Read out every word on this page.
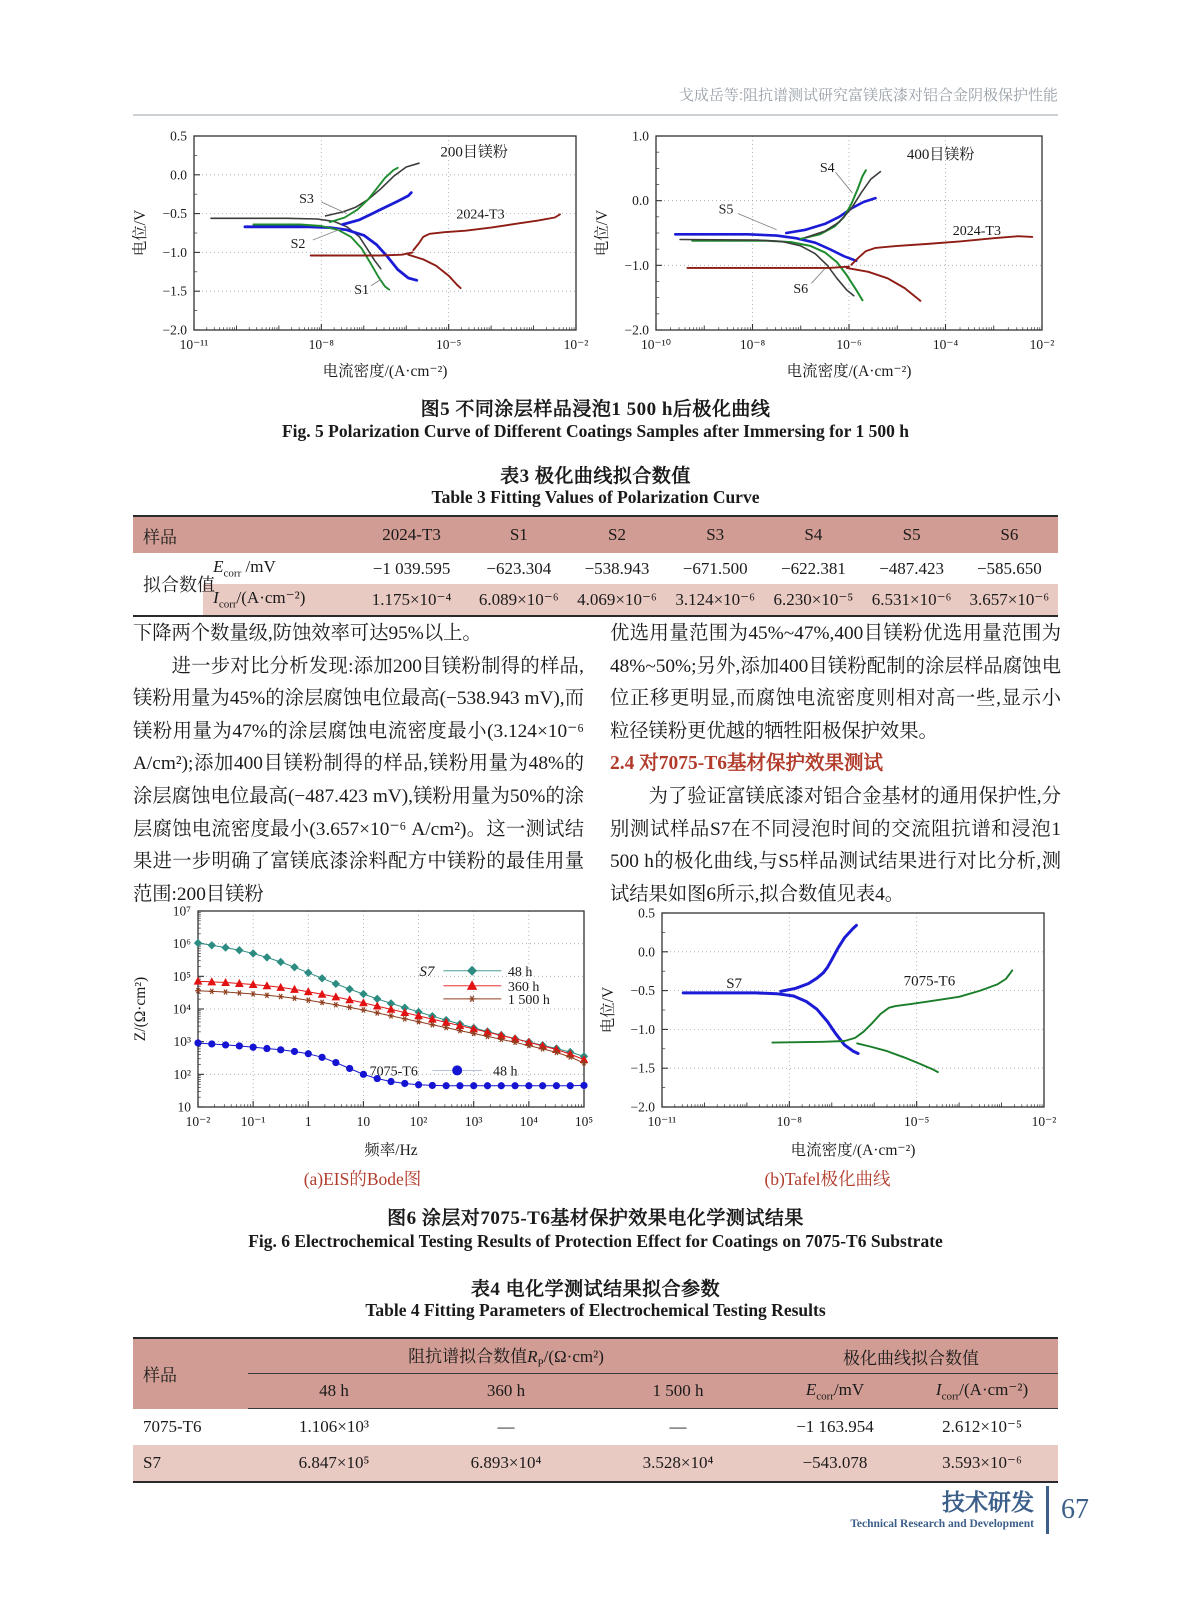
戈成岳等:阻抗谱测试研究富镁底漆对铝合金阴极保护性能
10⁻¹¹	10⁻⁸	10⁻⁵	10⁻²
0.5
0.0
−0.5
−1.0
−1.5
−2.0
200目镁粉
S3
S2
S1
2024-T3
电流密度/(A·cm⁻²)
电位/V
10⁻¹⁰	10⁻⁸	10⁻⁶	10⁻⁴	10⁻²
1.0
0.0
−1.0
−2.0
400目镁粉
S4
S5
S6
2024-T3
电流密度/(A·cm⁻²)
电位/V
图5 不同涂层样品浸泡1 500 h后极化曲线
Fig. 5 Polarization Curve of Different Coatings Samples after Immersing for 1 500 h
表3 极化曲线拟合数值
Table 3 Fitting Values of Polarization Curve
样品		2024-T3	S1	S2	S3	S4	S5	S6
拟合数值	$E_{corr}$ /mV	−1 039.595	−623.304	−538.943	−671.500	−622.381	−487.423	−585.650
	$I_{corr}/(A\cdot cm^{-2})$	1.175×10⁻⁴	6.089×10⁻⁶	4.069×10⁻⁶	3.124×10⁻⁶	6.230×10⁻⁵	6.531×10⁻⁶	3.657×10⁻⁶

下降两个数量级,防蚀效率可达95%以上。

进一步对比分析发现:添加200目镁粉制得的样品,镁粉用量为45%的涂层腐蚀电位最高(−538.943 mV),而镁粉用量为47%的涂层腐蚀电流密度最小(3.124×10⁻⁶ A/cm²);添加400目镁粉制得的样品,镁粉用量为48%的涂层腐蚀电位最高(−487.423 mV),镁粉用量为50%的涂层腐蚀电流密度最小(3.657×10⁻⁶ A/cm²)。这一测试结果进一步明确了富镁底漆涂料配方中镁粉的最佳用量范围:200目镁粉

优选用量范围为45%~47%,400目镁粉优选用量范围为48%~50%;另外,添加400目镁粉配制的涂层样品腐蚀电位正移更明显,而腐蚀电流密度则相对高一些,显示小粒径镁粉更优越的牺牲阳极保护效果。

2.4 对7075-T6基材保护效果测试

为了验证富镁底漆对铝合金基材的通用保护性,分别测试样品S7在不同浸泡时间的交流阻抗谱和浸泡1 500 h的极化曲线,与S5样品测试结果进行对比分析,测试结果如图6所示,拟合数值见表4。

10⁻² 10⁻¹	1	10	10²	10³	10⁴	10⁵
10⁷
10⁶
10⁵
10⁴
10³
10²
10
S7	48 h
360 h
1 500 h
7075-T6	48 h
频率/Hz
Z/(Ω·cm²)
10⁻¹¹	10⁻⁸	10⁻⁵	10⁻²
0.5
0.0
−0.5
−1.0
−1.5
−2.0
S7	7075-T6
电流密度/(A·cm⁻²)
电位/V
(a)EIS的Bode图	(b)Tafel极化曲线
图6 涂层对7075-T6基材保护效果电化学测试结果
Fig. 6 Electrochemical Testing Results of Protection Effect for Coatings on 7075-T6 Substrate
表4 电化学测试结果拟合参数
Table 4 Fitting Parameters of Electrochemical Testing Results
样品	阻抗谱拟合数值$R_P/(\Omega\cdot cm^2)$			极化曲线拟合数值	
	48 h	360 h	1 500 h	$E_{corr}/mV$	$I_{corr}/(A\cdot cm^{-2})$
7075-T6	1.106×10³	—	—	−1 163.954	2.612×10⁻⁵
S7	6.847×10⁵	6.893×10⁴	3.528×10⁴	−543.078	3.593×10⁻⁶
技术研发
Technical Research and Development 67
